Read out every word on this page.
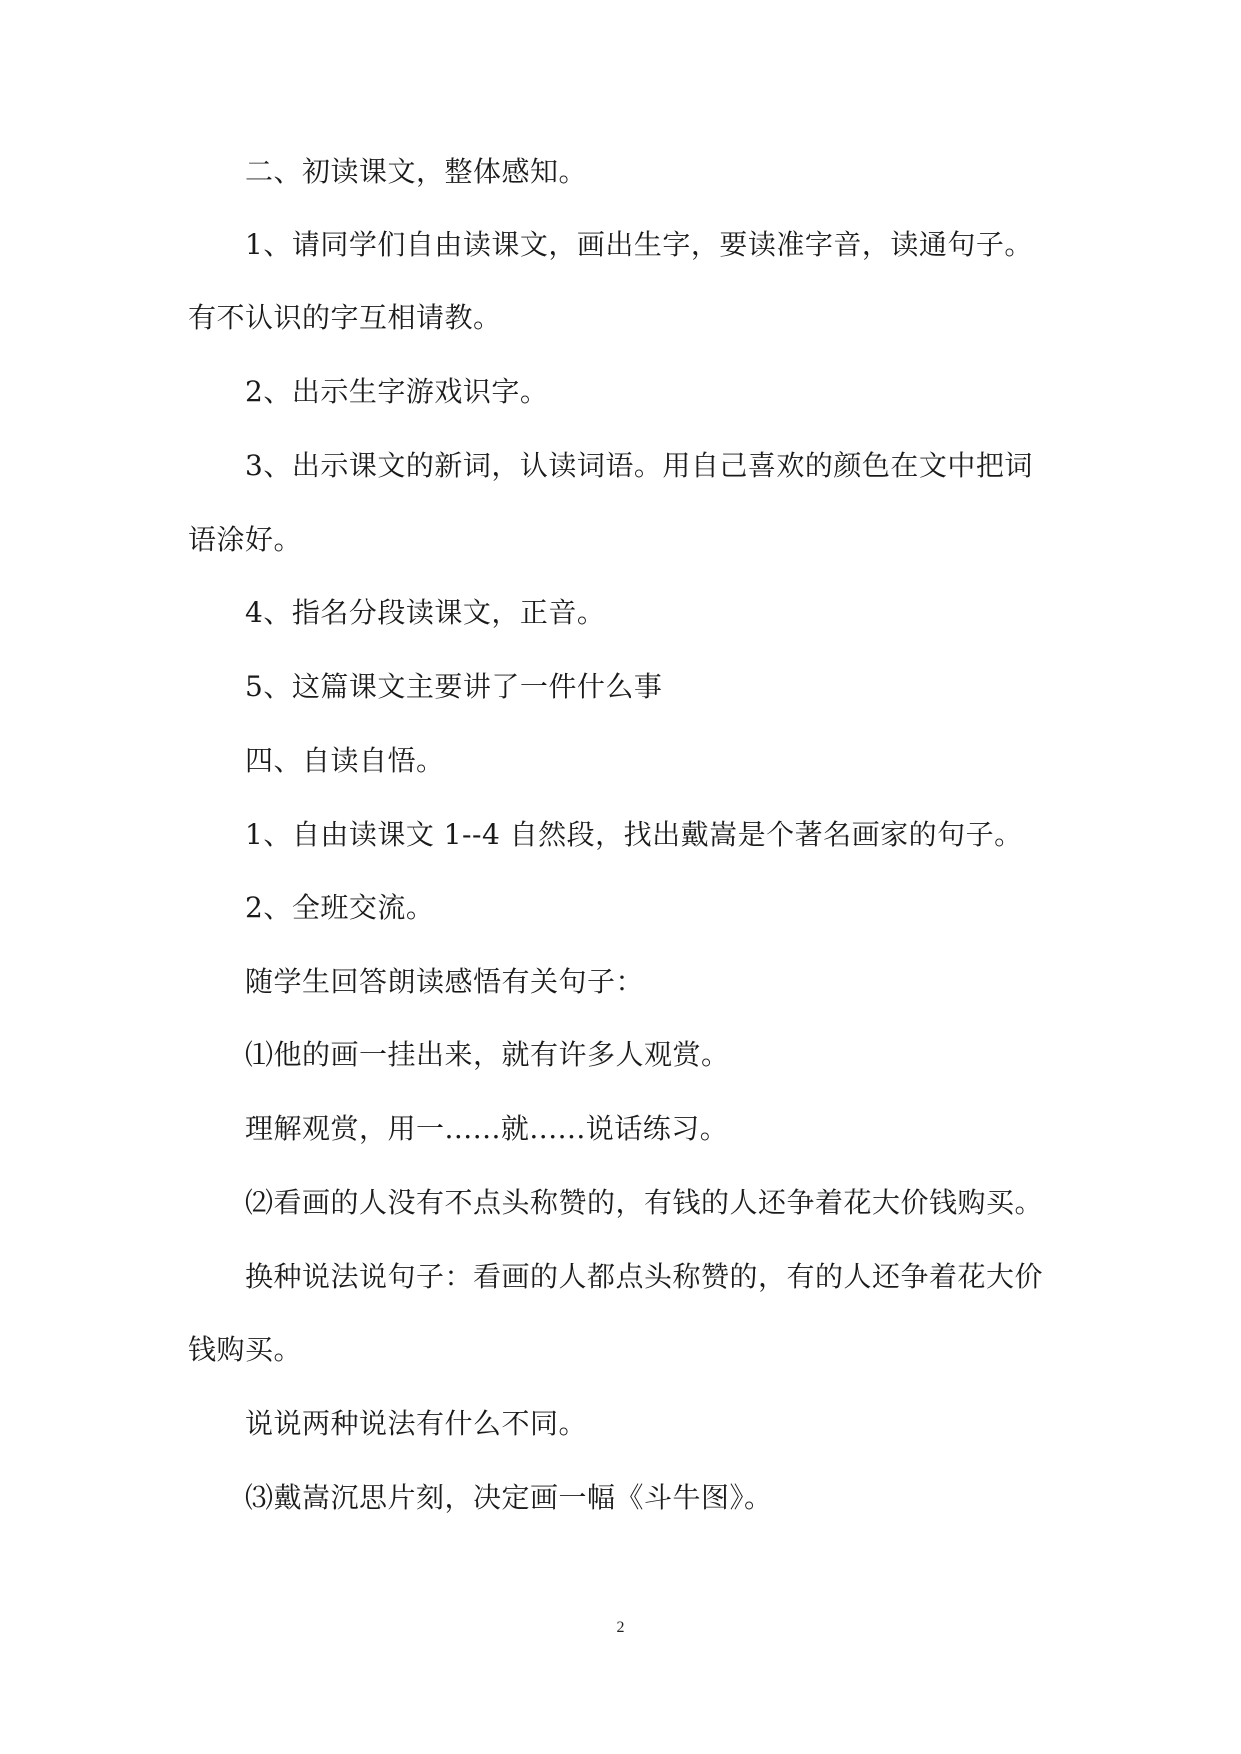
二、初读课文，整体感知。
1、请同学们自由读课文，画出生字，要读准字音，读通句子。
有不认识的字互相请教。
2、出示生字游戏识字。
3、出示课文的新词，认读词语。用自己喜欢的颜色在文中把词
语涂好。
4、指名分段读课文，正音。
5、这篇课文主要讲了一件什么事
四、自读自悟。
1、自由读课文 1--4 自然段，找出戴嵩是个著名画家的句子。
2、全班交流。
随学生回答朗读感悟有关句子：
⑴他的画一挂出来，就有许多人观赏。
理解观赏，用一......就......说话练习。
⑵看画的人没有不点头称赞的，有钱的人还争着花大价钱购买。
换种说法说句子：看画的人都点头称赞的，有的人还争着花大价
钱购买。
说说两种说法有什么不同。
⑶戴嵩沉思片刻，决定画一幅《斗牛图》。
2
